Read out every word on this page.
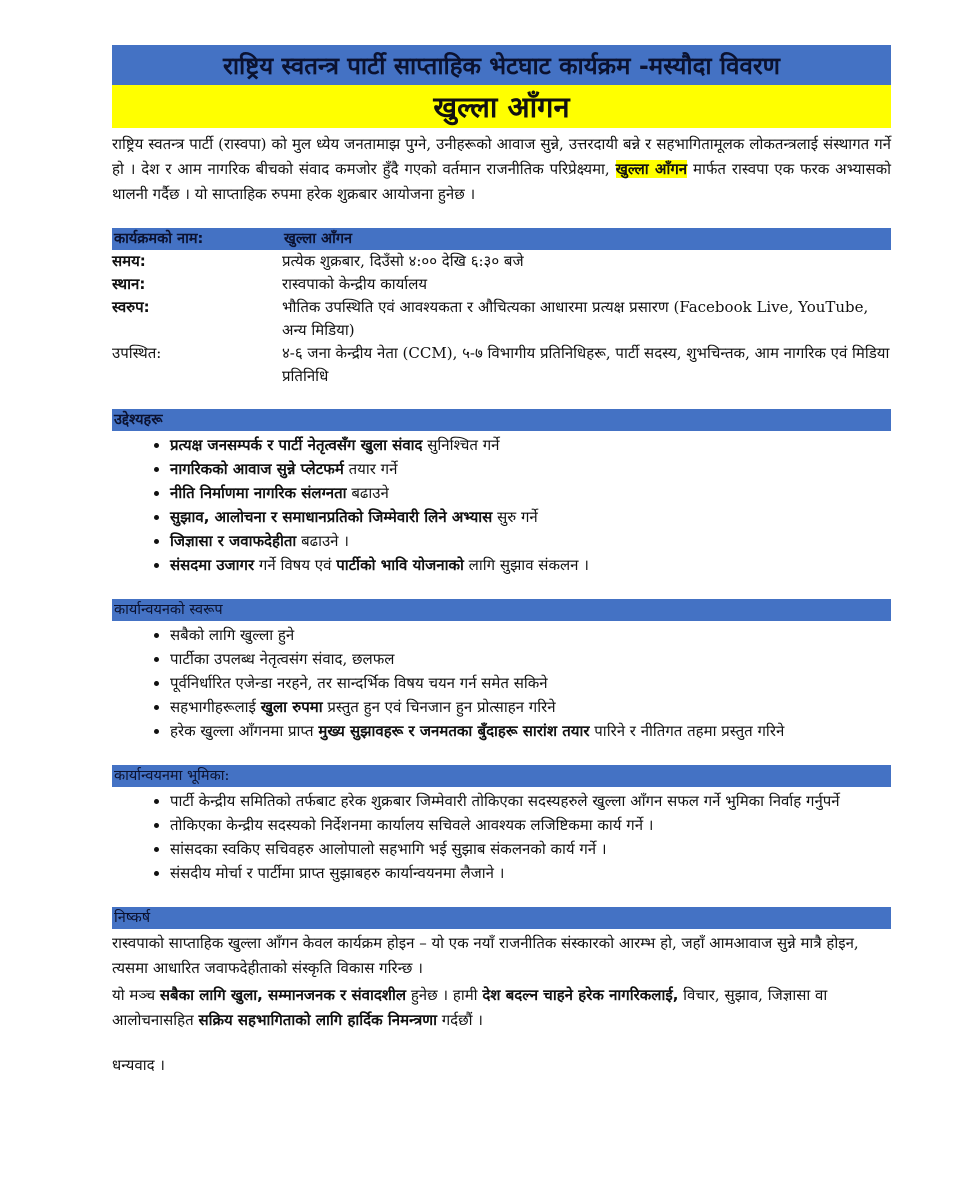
राष्ट्रिय स्वतन्त्र पार्टी साप्ताहिक भेटघाट कार्यक्रम -मस्यौदा विवरण
खुल्ला आँगन
राष्ट्रिय स्वतन्त्र पार्टी (रास्वपा) को मुल ध्येय जनतामाझ पुग्ने, उनीहरूको आवाज सुन्ने, उत्तरदायी बन्ने र सहभागितामूलक लोकतन्त्रलाई संस्थागत गर्ने हो । देश र आम नागरिक बीचको संवाद कमजोर हुँदै गएको वर्तमान राजनीतिक परिप्रेक्ष्यमा, खुल्ला आँगन मार्फत रास्वपा एक फरक अभ्यासको थालनी गर्दैछ । यो साप्ताहिक रुपमा हरेक शुक्रबार आयोजना हुनेछ ।
कार्यक्रमको नाम:	खुल्ला आँगन
समय:	प्रत्येक शुक्रबार, दिउँसो ४:०० देखि ६:३० बजे
स्थान:	रास्वपाको केन्द्रीय कार्यालय
स्वरुप:	भौतिक उपस्थिति एवं आवश्यकता र औचित्यका आधारमा प्रत्यक्ष प्रसारण (Facebook Live, YouTube, अन्य मिडिया)
उपस्थित:	४-६ जना केन्द्रीय नेता (CCM), ५-७ विभागीय प्रतिनिधिहरू, पार्टी सदस्य, शुभचिन्तक, आम नागरिक एवं मिडिया प्रतिनिधि
उद्देश्यहरू
• प्रत्यक्ष जनसम्पर्क र पार्टी नेतृत्वसँग खुला संवाद सुनिश्चित गर्ने
• नागरिकको आवाज सुन्ने प्लेटफर्म तयार गर्ने
• नीति निर्माणमा नागरिक संलग्नता बढाउने
• सुझाव, आलोचना र समाधानप्रतिको जिम्मेवारी लिने अभ्यास सुरु गर्ने
• जिज्ञासा र जवाफदेहीता बढाउने ।
• संसदमा उजागर गर्ने विषय एवं पार्टीको भावि योजनाको लागि सुझाव संकलन ।
कार्यान्वयनको स्वरूप
• सबैको लागि खुल्ला हुने
• पार्टीका उपलब्ध नेतृत्वसंग संवाद, छलफल
• पूर्वनिर्धारित एजेन्डा नरहने, तर सान्दर्भिक विषय चयन गर्न समेत सकिने
• सहभागीहरूलाई खुला रुपमा प्रस्तुत हुन एवं चिनजान हुन प्रोत्साहन गरिने
• हरेक खुल्ला आँगनमा प्राप्त मुख्य सुझावहरू र जनमतका बुँदाहरू सारांश तयार पारिने र नीतिगत तहमा प्रस्तुत गरिने
कार्यान्वयनमा भूमिका:
• पार्टी केन्द्रीय समितिको तर्फबाट हरेक शुक्रबार जिम्मेवारी तोकिएका सदस्यहरुले खुल्ला आँगन सफल गर्ने भुमिका निर्वाह गर्नुपर्ने
• तोकिएका केन्द्रीय सदस्यको निर्देशनमा कार्यालय सचिवले आवश्यक लजिष्टिकमा कार्य गर्ने ।
• सांसदका स्वकिए सचिवहरु आलोपालो सहभागि भई सुझाब संकलनको कार्य गर्ने ।
• संसदीय मोर्चा र पार्टीमा प्राप्त सुझाबहरु कार्यान्वयनमा लैजाने ।
निष्कर्ष
रास्वपाको साप्ताहिक खुल्ला आँगन केवल कार्यक्रम होइन – यो एक नयाँ राजनीतिक संस्कारको आरम्भ हो, जहाँ आमआवाज सुन्ने मात्रै होइन, त्यसमा आधारित जवाफदेहीताको संस्कृति विकास गरिन्छ ।
यो मञ्च सबैका लागि खुला, सम्मानजनक र संवादशील हुनेछ । हामी देश बदल्न चाहने हरेक नागरिकलाई, विचार, सुझाव, जिज्ञासा वा आलोचनासहित सक्रिय सहभागिताको लागि हार्दिक निमन्त्रणा गर्दछौं ।
धन्यवाद ।
